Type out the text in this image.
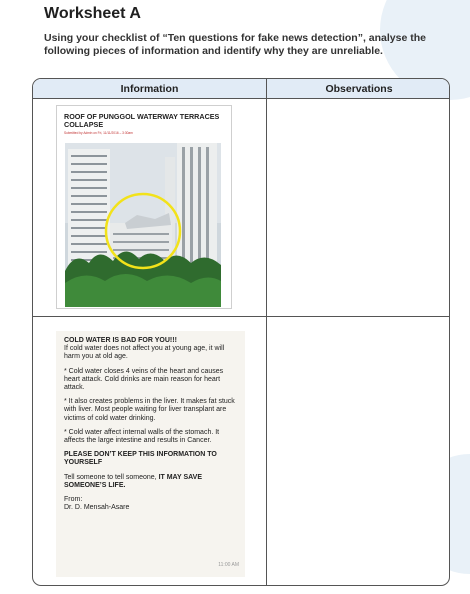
Worksheet A
Using your checklist of “Ten questions for fake news detection”, analyse the following pieces of information and identify why they are unreliable.
Information	Observations
ROOF OF PUNGGOL WATERWAY TERRACES COLLAPSE
Submitted by Admin on Fri, 11/11/2016 – 3:30am
COLD WATER IS BAD FOR YOU!!!
If cold water does not affect you at young age, it will harm you at old age.
* Cold water closes 4 veins of the heart and causes heart attack. Cold drinks are main reason for heart attack.
* It also creates problems in the liver. It makes fat stuck with liver. Most people waiting for liver transplant are victims of cold water drinking.
* Cold water affect internal walls of the stomach. It affects the large intestine and results in Cancer.
PLEASE DON’T KEEP THIS INFORMATION TO YOURSELF
Tell someone to tell someone, IT MAY SAVE SOMEONE’S LIFE.
From:
Dr. D. Mensah-Asare
11:00 AM
